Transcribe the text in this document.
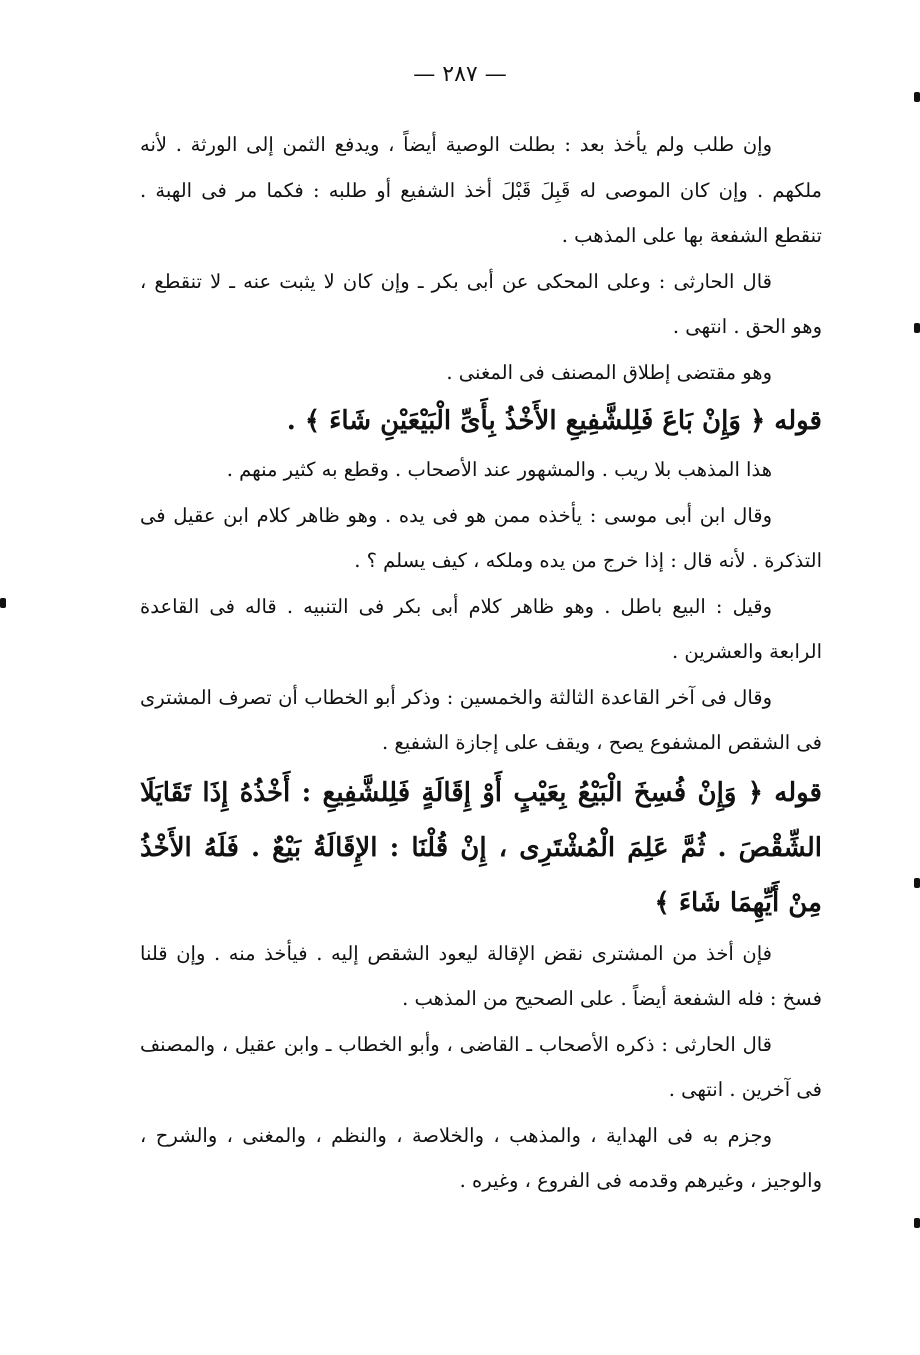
— ٢٨٧ —

وإن طلب ولم يأخذ بعد : بطلت الوصية أيضاً ، ويدفع الثمن إلى الورثة . لأنه ملكهم . وإن كان الموصى له قَبِلَ قَبْلَ أخذ الشفيع أو طلبه : فكما مر فى الهبة . تنقطع الشفعة بها على المذهب .

قال الحارثى : وعلى المحكى عن أبى بكر ـ وإن كان لا يثبت عنه ـ لا تنقطع ، وهو الحق . انتهى .

وهو مقتضى إطلاق المصنف فى المغنى .

قوله ﴿ وَإِنْ بَاعَ فَلِلشَّفِيعِ الأَخْذُ بِأَىِّ الْبَيْعَيْنِ شَاءَ ﴾ .

هذا المذهب بلا ريب . والمشهور عند الأصحاب . وقطع به كثير منهم .

وقال ابن أبى موسى : يأخذه ممن هو فى يده . وهو ظاهر كلام ابن عقيل فى التذكرة . لأنه قال : إذا خرج من يده وملكه ، كيف يسلم ؟ .

وقيل : البيع باطل . وهو ظاهر كلام أبى بكر فى التنبيه . قاله فى القاعدة الرابعة والعشرين .

وقال فى آخر القاعدة الثالثة والخمسين : وذكر أبو الخطاب أن تصرف المشترى فى الشقص المشفوع يصح ، ويقف على إجازة الشفيع .

قوله ﴿ وَإِنْ فُسِخَ الْبَيْعُ بِعَيْبٍ أَوْ إِقَالَةٍ فَلِلشَّفِيعِ : أَخْذُهُ إِذَا تَقَايَلَا الشِّقْصَ . ثُمَّ عَلِمَ الْمُشْتَرِى ، إِنْ قُلْنَا : الإِقَالَةُ بَيْعٌ . فَلَهُ الأَخْذُ مِنْ أَيِّهِمَا شَاءَ ﴾

فإن أخذ من المشترى نقض الإقالة ليعود الشقص إليه . فيأخذ منه . وإن قلنا فسخ : فله الشفعة أيضاً . على الصحيح من المذهب .

قال الحارثى : ذكره الأصحاب ـ القاضى ، وأبو الخطاب ـ وابن عقيل ، والمصنف فى آخرين . انتهى .

وجزم به فى الهداية ، والمذهب ، والخلاصة ، والنظم ، والمغنى ، والشرح ، والوجيز ، وغيرهم وقدمه فى الفروع ، وغيره .
